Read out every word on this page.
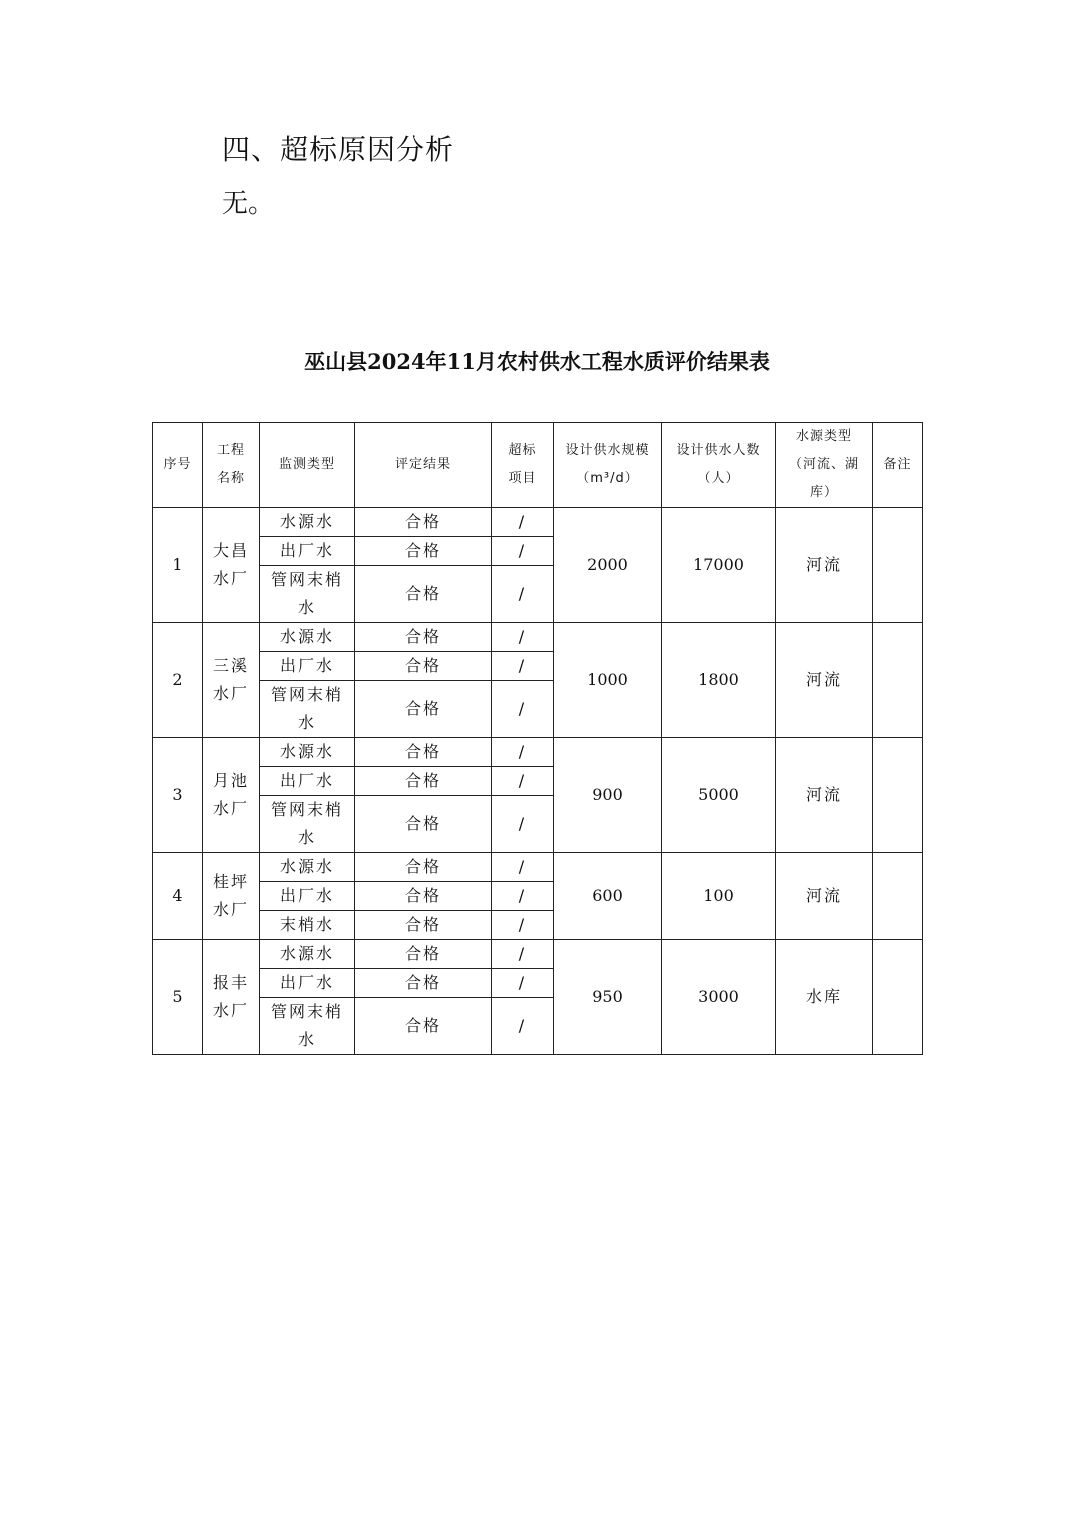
四、超标原因分析
无。
巫山县2024年11月农村供水工程水质评价结果表
序号	工程名称	监测类型	评定结果	超标项目	设计供水规模（m³/d）	设计供水人数（人）	水源类型（河流、湖库）	备注
1	大昌水厂	水源水	合格	/	2000	17000	河流	
		出厂水	合格	/				
		管网末梢水	合格	/				
2	三溪水厂	水源水	合格	/	1000	1800	河流	
		出厂水	合格	/				
		管网末梢水	合格	/				
3	月池水厂	水源水	合格	/	900	5000	河流	
		出厂水	合格	/				
		管网末梢水	合格	/				
4	桂坪水厂	水源水	合格	/	600	100	河流	
		出厂水	合格	/				
		末梢水	合格	/				
5	报丰水厂	水源水	合格	/	950	3000	水库	
		出厂水	合格	/				
		管网末梢水	合格	/				
